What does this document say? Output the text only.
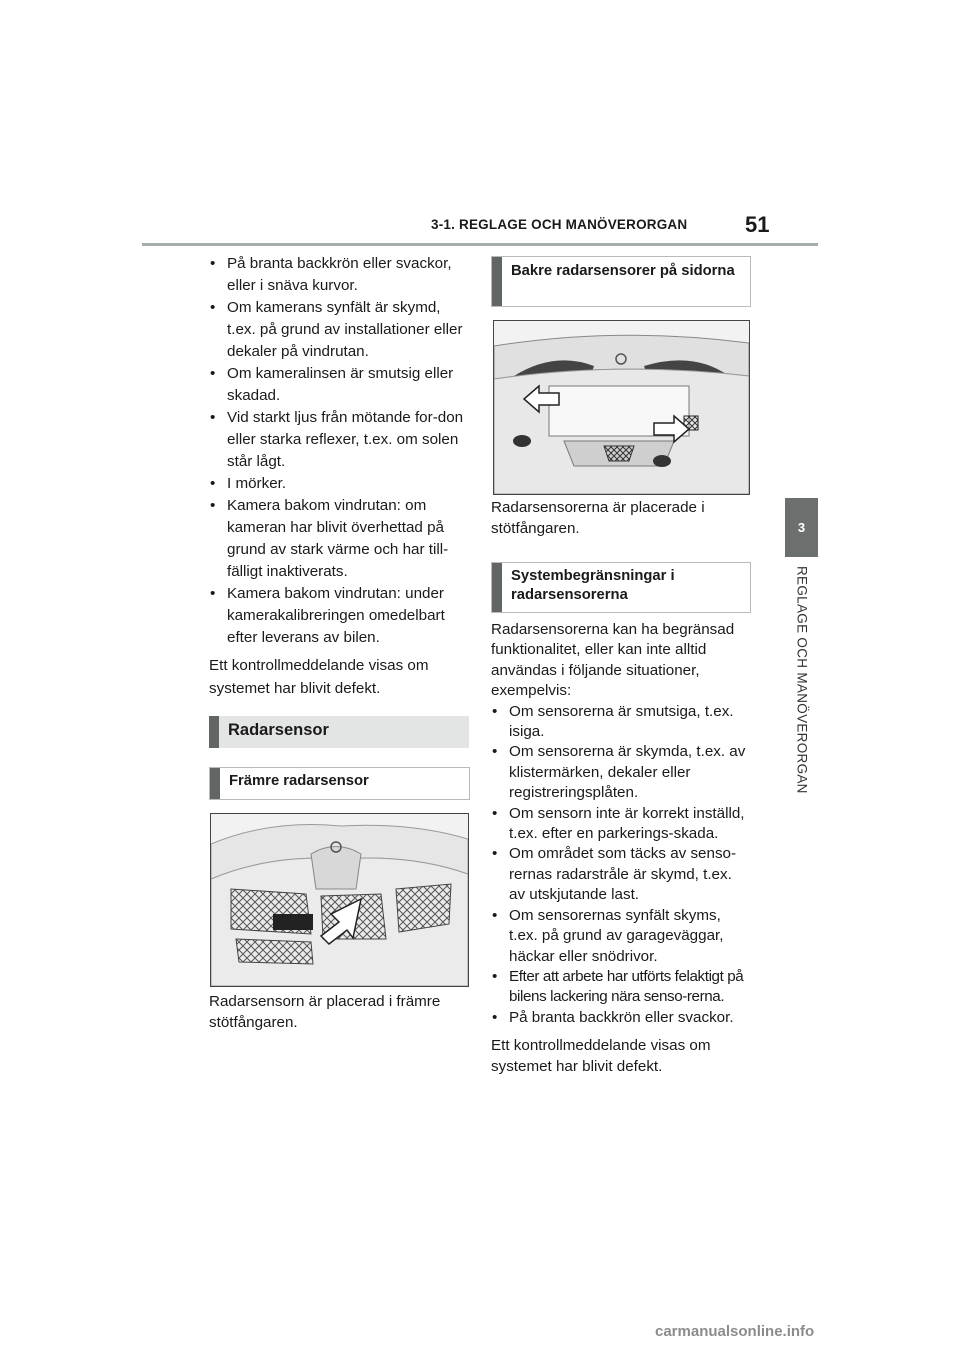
3-1. REGLAGE OCH MANÖVERORGAN	51
3
REGLAGE OCH MANÖVERORGAN
• På branta backkrön eller svackor, eller i snäva kurvor.
• Om kamerans synfält är skymd, t.ex. på grund av installationer eller dekaler på vindrutan.
• Om kameralinsen är smutsig eller skadad.
• Vid starkt ljus från mötande for-don eller starka reflexer, t.ex. om solen står lågt.
• I mörker.
• Kamera bakom vindrutan: om kameran har blivit överhettad på grund av stark värme och har till-fälligt inaktiverats.
• Kamera bakom vindrutan: under kamerakalibreringen omedelbart efter leverans av bilen.

Ett kontrollmeddelande visas om systemet har blivit defekt.

Radarsensor
Främre radarsensor
Radarsensorn är placerad i främre stötfångaren.
Bakre radarsensorer på sidorna
Radarsensorerna är placerade i stötfångaren.
Systembegränsningar i radarsensorerna

Radarsensorerna kan ha begränsad funktionalitet, eller kan inte alltid användas i följande situationer, exempelvis:

• Om sensorerna är smutsiga, t.ex. isiga.
• Om sensorerna är skymda, t.ex. av klistermärken, dekaler eller registreringsplåten.
• Om sensorn inte är korrekt inställd, t.ex. efter en parkerings-skada.
• Om området som täcks av senso-rernas radarstråle är skymd, t.ex. av utskjutande last.
• Om sensorernas synfält skyms, t.ex. på grund av garageväggar, häckar eller snödrivor.
• Efter att arbete har utförts felaktigt på bilens lackering nära senso-rerna.
• På branta backkrön eller svackor.

Ett kontrollmeddelande visas om systemet har blivit defekt.

carmanualsonline.info
